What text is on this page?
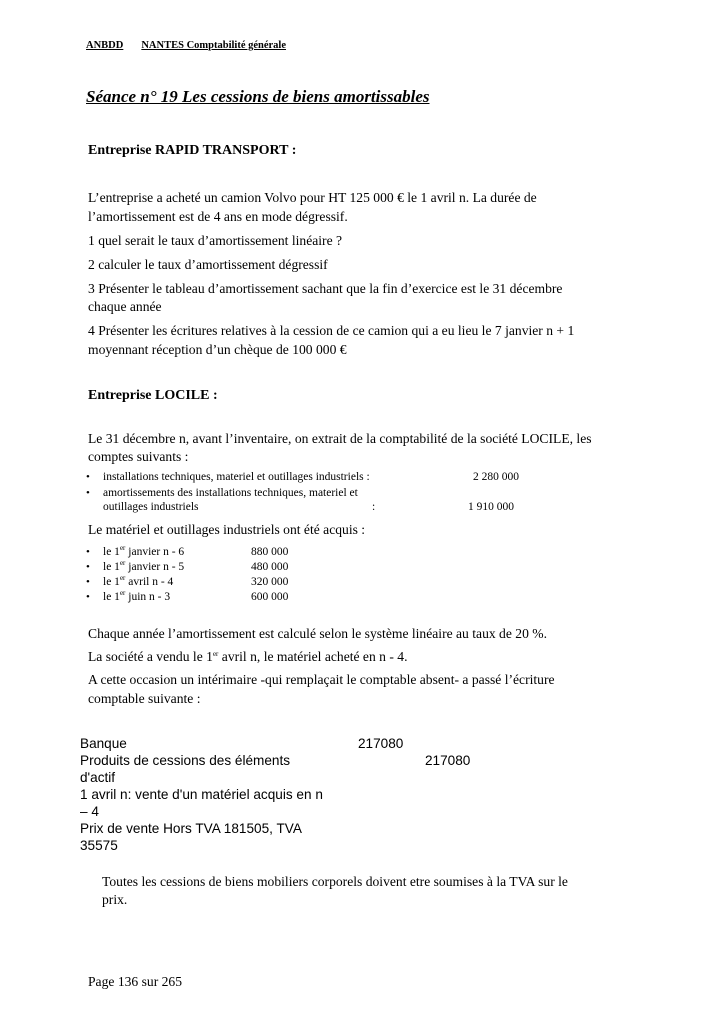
ANBDD NANTES Comptabilité générale
Séance n° 19 Les cessions de biens amortissables
Entreprise RAPID TRANSPORT :
L’entreprise a acheté un camion Volvo pour HT 125 000 € le 1 avril n. La durée de
l’amortissement est de 4 ans en mode dégressif.
1 quel serait le taux d’amortissement linéaire ?
2 calculer le taux d’amortissement dégressif
3 Présenter le tableau d’amortissement sachant que la fin d’exercice est le 31 décembre
chaque année
4 Présenter les écritures relatives à la cession de ce camion qui a eu lieu le 7 janvier n + 1
moyennant réception d’un chèque de 100 000 €
Entreprise LOCILE :
Le 31 décembre n, avant l’inventaire, on extrait de la comptabilité de la société LOCILE, les
comptes suivants :
• installations techniques, materiel et outillages industriels :	2 280 000
• amortissements des installations techniques, materiel et
outillages industriels	:	1 910 000
Le matériel et outillages industriels ont été acquis :
• le 1er janvier n - 6	880 000
• le 1er janvier n - 5	480 000
• le 1er avril n - 4	320 000
• le 1er juin n - 3	600 000
Chaque année l’amortissement est calculé selon le système linéaire au taux de 20 %.
La société a vendu le 1er avril n, le matériel acheté en n - 4.
A cette occasion un intérimaire -qui remplaçait le comptable absent- a passé l’écriture
comptable suivante :
Banque	217080
Produits de cessions des éléments	217080
d'actif
1 avril n: vente d'un matériel acquis en n
– 4
Prix de vente Hors TVA 181505, TVA
35575
Toutes les cessions de biens mobiliers corporels doivent etre soumises à la TVA sur le
prix.
Page 136 sur 265
